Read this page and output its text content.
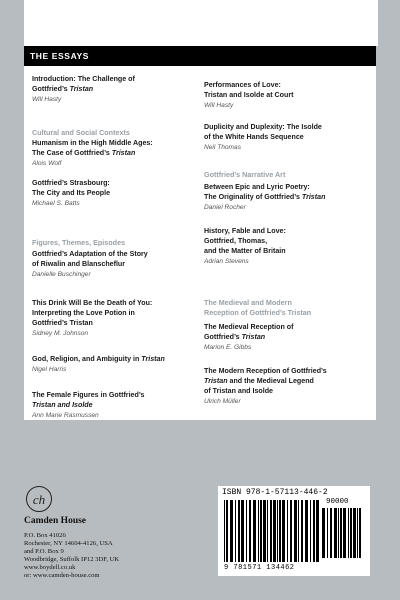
THE ESSAYS
Introduction: The Challenge of
Gottfried’s Tristan
Will Hasty
Cultural and Social Contexts
Humanism in the High Middle Ages:
The Case of Gottfried’s Tristan
Alois Wolf
Gottfried’s Strasbourg:
The City and Its People
Michael S. Batts
Figures, Themes, Episodes
Gottfried’s Adaptation of the Story
of Riwalin and Blanscheflur
Danielle Buschinger
This Drink Will Be the Death of You:
Interpreting the Love Potion in
Gottfried’s Tristan
Sidney M. Johnson
God, Religion, and Ambiguity in Tristan
Nigel Harris
The Female Figures in Gottfried’s
Tristan and Isolde
Ann Marie Rasmussen
Performances of Love:
Tristan and Isolde at Court
Will Hasty
Duplicity and Duplexity: The Isolde
of the White Hands Sequence
Neil Thomas
Gottfried’s Narrative Art
Between Epic and Lyric Poetry:
The Originality of Gottfried’s Tristan
Daniel Rocher
History, Fable and Love:
Gottfried, Thomas,
and the Matter of Britain
Adrian Stevens
The Medieval and Modern
Reception of Gottfried’s Tristan
The Medieval Reception of
Gottfried’s Tristan
Marion E. Gibbs
The Modern Reception of Gottfried’s
Tristan and the Medieval Legend
of Tristan and Isolde
Ulrich Müller
ch
Camden House
P.O. Box 41026
Rochester, NY 14604-4126, USA
and P.O. Box 9
Woodbridge, Suffolk IP12 3DF, UK
www.boydell.co.uk
or: www.camden-house.com
ISBN 978-1-57113-446-2
90000
9 781571 134462
